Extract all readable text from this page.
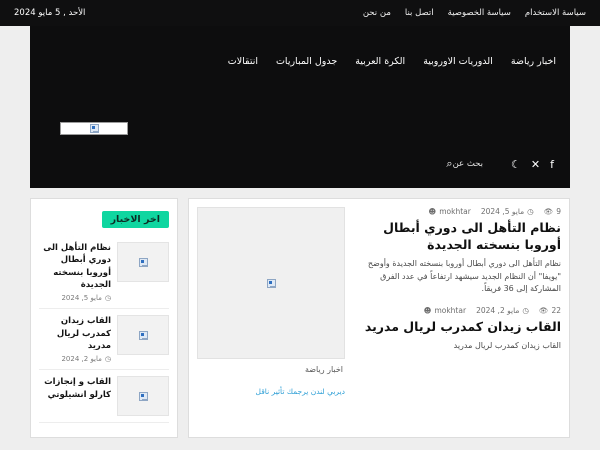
سياسة الاستخدام
سياسة الخصوصية
اتصل بنا
من نحن
الأحد , 5 مايو 2024
اخبار رياضة
الدوريات الاوروبية
الكرة العربية
جدول المباريات
انتقالات
f
✕
☾
بحث عن
⌕
9
👁
◷
مايو 5, 2024
mokhtar
☻
نظام التأهل الى دوري أبطال أوروبا بنسخته الجديدة
نظام التأهل الى دوري أبطال أوروبا بنسخته الجديدة وأوضح "يويفا" أن النظام الجديد سيشهد ارتفاعاً في عدد الفرق المشاركة إلى 36 فريقاً.
22
👁
◷
مايو 2, 2024
mokhtar
☻
القاب زيدان كمدرب لريال مدريد
القاب زيدان كمدرب لريال مدريد
اخبار رياضة
ديربي لندن يرجمك تأثير ناقل
اخر الاخبار
نظام التأهل الى دوري أبطال أوروبا بنسخته الجديدة
◷
مايو 5, 2024
القاب زيدان كمدرب لريال مدريد
◷
مايو 2, 2024
القاب و إنجازات كارلو انشيلوتي
